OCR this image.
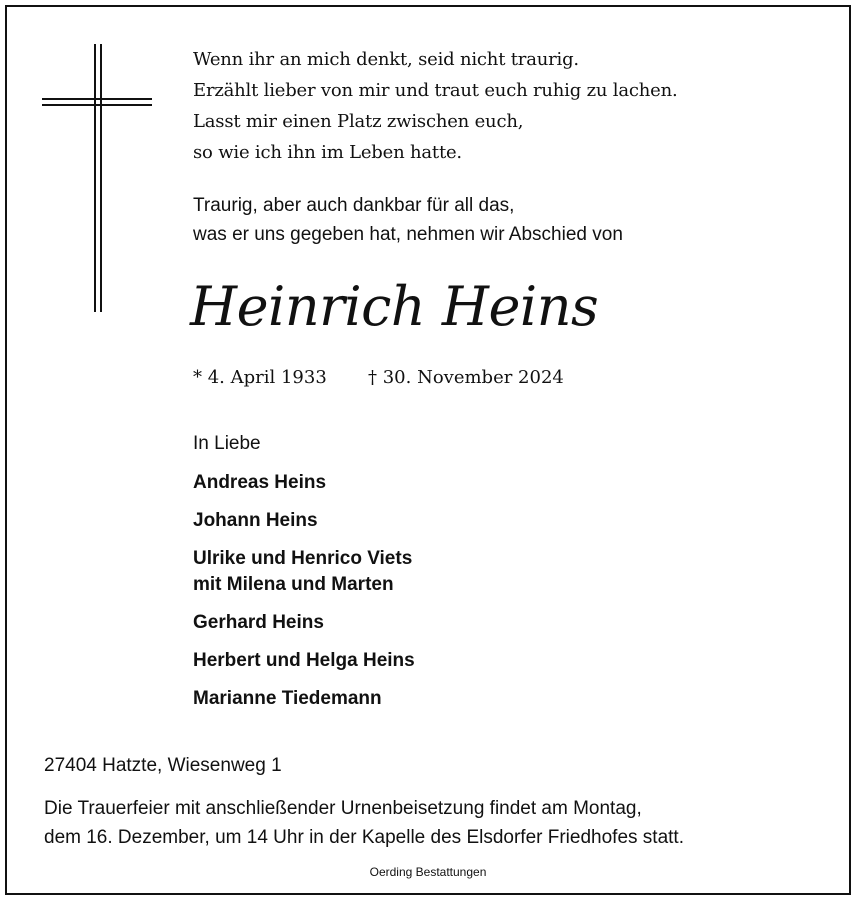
Wenn ihr an mich denkt, seid nicht traurig.
Erzählt lieber von mir und traut euch ruhig zu lachen.
Lasst mir einen Platz zwischen euch,
so wie ich ihn im Leben hatte.
Traurig, aber auch dankbar für all das,
was er uns gegeben hat, nehmen wir Abschied von
Heinrich Heins
* 4. April 1933 † 30. November 2024
In Liebe
Andreas Heins
Johann Heins
Ulrike und Henrico Viets
mit Milena und Marten
Gerhard Heins
Herbert und Helga Heins
Marianne Tiedemann
27404 Hatzte, Wiesenweg 1
Die Trauerfeier mit anschließender Urnenbeisetzung findet am Montag,
dem 16. Dezember, um 14 Uhr in der Kapelle des Elsdorfer Friedhofes statt.
Oerding Bestattungen
